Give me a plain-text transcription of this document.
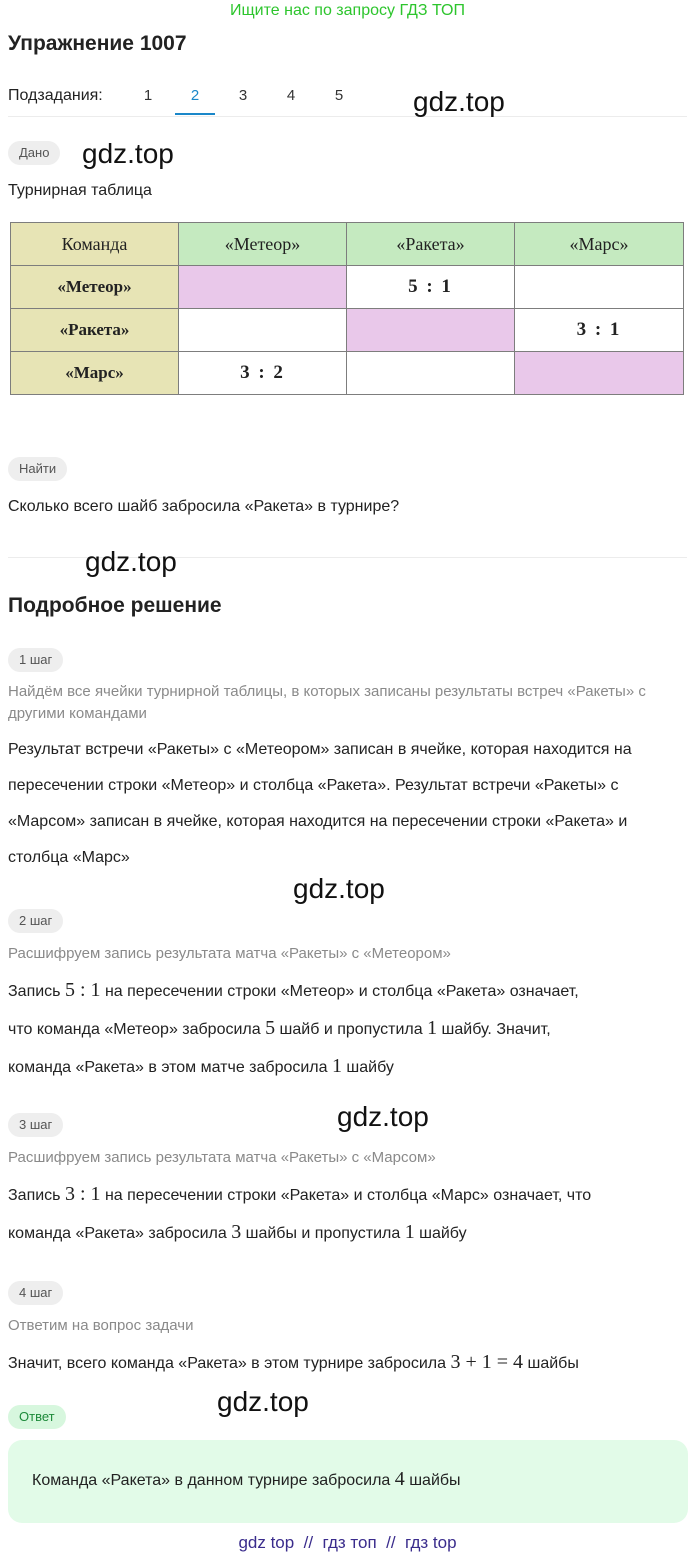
Ищите нас по запросу ГДЗ ТОП
Упражнение 1007
Подзадания:	1	2	3	4	5	gdz.top
Дано	gdz.top
Турнирная таблица
Команда	«Метеор»	«Ракета»	«Марс»
«Метеор»		5 : 1	
«Ракета»			3 : 1
«Марс»	3 : 2		
Найти
Сколько всего шайб забросила «Ракета» в турнире?
gdz.top
Подробное решение
1 шаг
Найдём все ячейки турнирной таблицы, в которых записаны результаты встреч «Ракеты» с другими командами
Результат встречи «Ракеты» с «Метеором» записан в ячейке, которая находится на пересечении строки «Метеор» и столбца «Ракета». Результат встречи «Ракеты» с «Марсом» записан в ячейке, которая находится на пересечении строки «Ракета» и столбца «Марс»
gdz.top
2 шаг
Расшифруем запись результата матча «Ракеты» с «Метеором»
Запись 5 : 1 на пересечении строки «Метеор» и столбца «Ракета» означает,
что команда «Метеор» забросила 5 шайб и пропустила 1 шайбу. Значит,
команда «Ракета» в этом матче забросила 1 шайбу
gdz.top
3 шаг
Расшифруем запись результата матча «Ракеты» с «Марсом»
Запись 3 : 1 на пересечении строки «Ракета» и столбца «Марс» означает, что
команда «Ракета» забросила 3 шайбы и пропустила 1 шайбу
4 шаг
Ответим на вопрос задачи
Значит, всего команда «Ракета» в этом турнире забросила 3 + 1 = 4 шайбы
gdz.top
Ответ
Команда «Ракета» в данном турнире забросила 4 шайбы
gdz top  //  гдз топ  //  гдз top
